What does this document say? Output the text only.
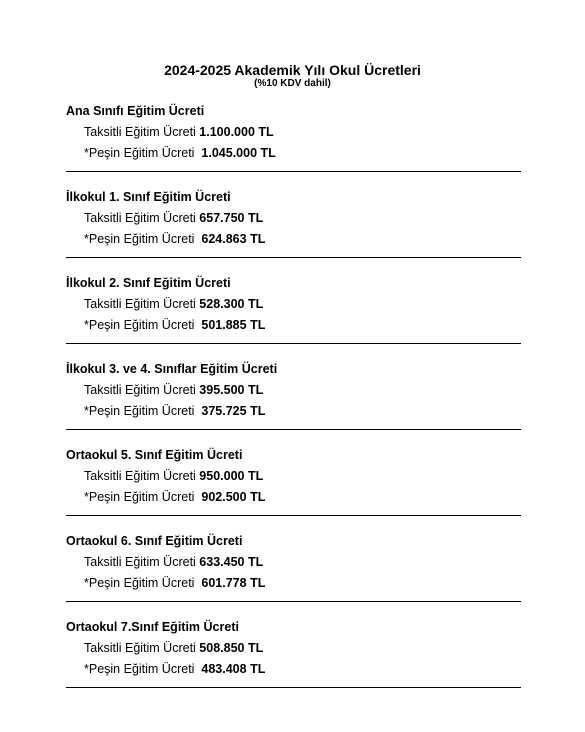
2024-2025 Akademik Yılı Okul Ücretleri
(%10 KDV dahil)
Ana Sınıfı Eğitim Ücreti
Taksitli Eğitim Ücreti 1.100.000 TL
*Peşin Eğitim Ücreti  1.045.000 TL
İlkokul 1. Sınıf Eğitim Ücreti
Taksitli Eğitim Ücreti 657.750 TL
*Peşin Eğitim Ücreti  624.863 TL
İlkokul 2. Sınıf Eğitim Ücreti
Taksitli Eğitim Ücreti 528.300 TL
*Peşin Eğitim Ücreti  501.885 TL
İlkokul 3. ve 4. Sınıflar Eğitim Ücreti
Taksitli Eğitim Ücreti 395.500 TL
*Peşin Eğitim Ücreti  375.725 TL
Ortaokul 5. Sınıf Eğitim Ücreti
Taksitli Eğitim Ücreti 950.000 TL
*Peşin Eğitim Ücreti  902.500 TL
Ortaokul 6. Sınıf Eğitim Ücreti
Taksitli Eğitim Ücreti 633.450 TL
*Peşin Eğitim Ücreti  601.778 TL
Ortaokul 7.Sınıf Eğitim Ücreti
Taksitli Eğitim Ücreti 508.850 TL
*Peşin Eğitim Ücreti  483.408 TL
